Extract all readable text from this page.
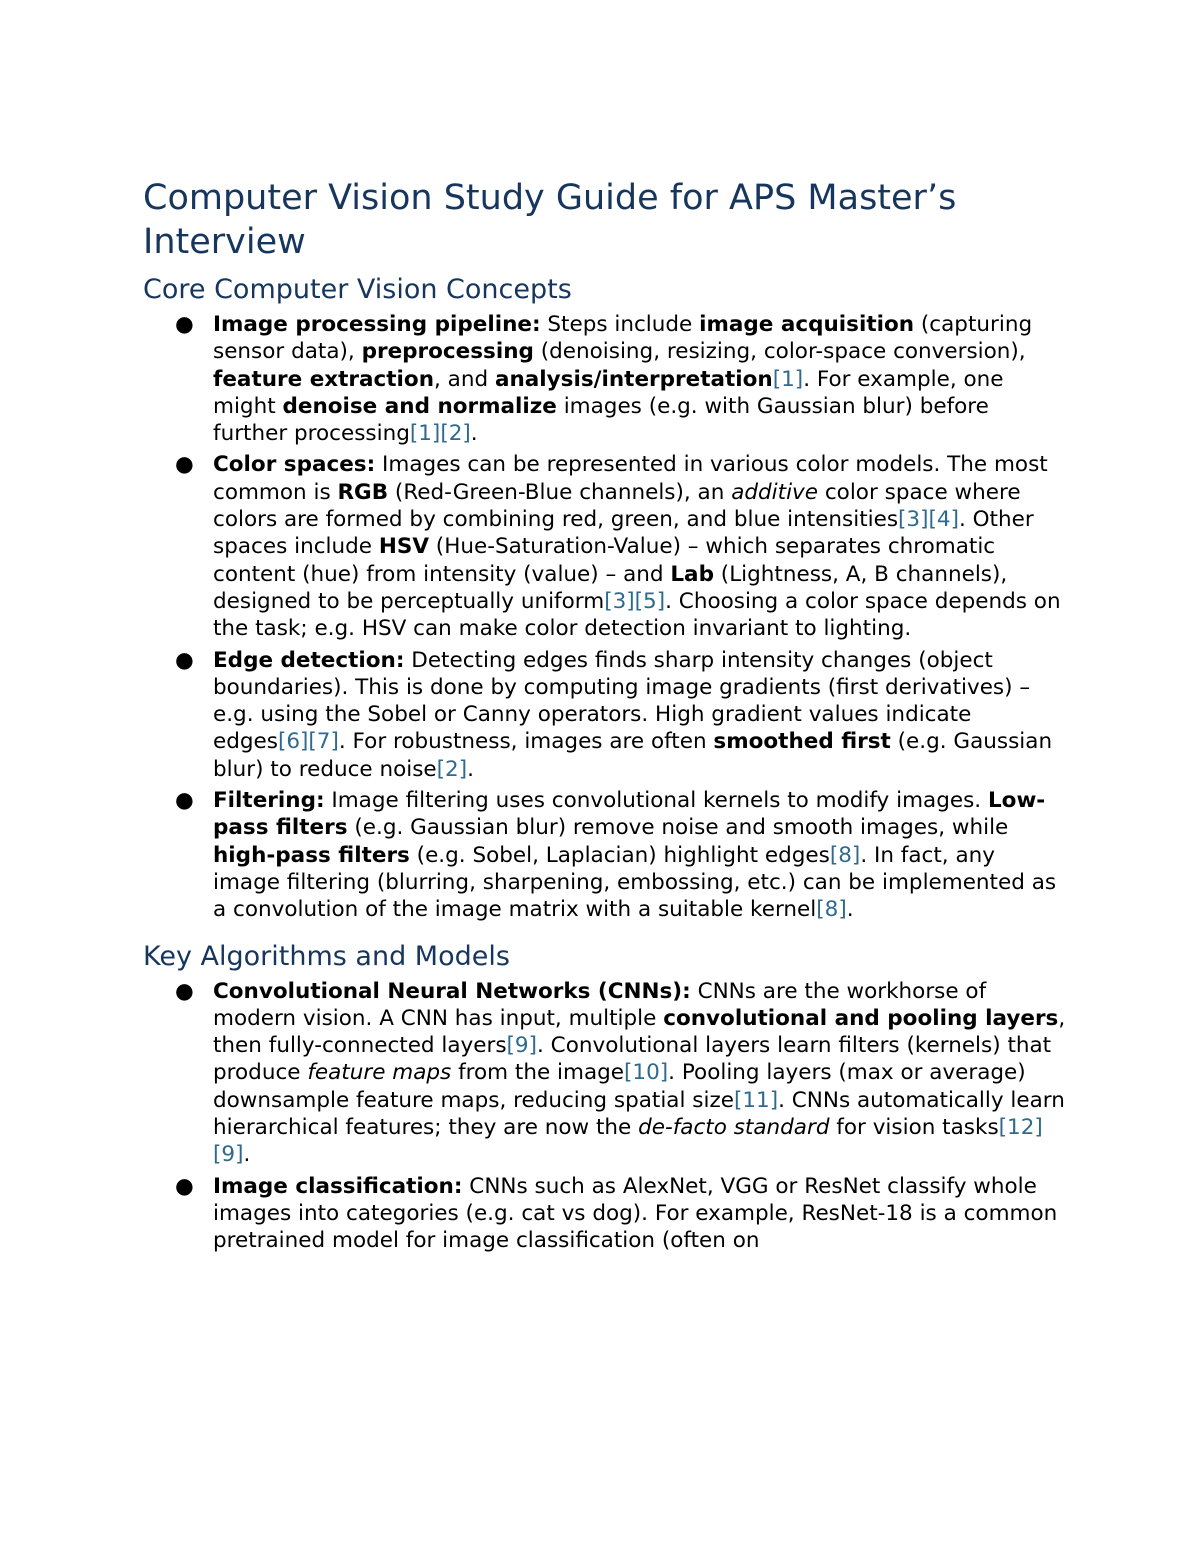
Computer Vision Study Guide for APS Master’s Interview
Core Computer Vision Concepts
● Image processing pipeline: Steps include image acquisition (capturing sensor data), preprocessing (denoising, resizing, color-space conversion), feature extraction, and analysis/interpretation[1]. For example, one might denoise and normalize images (e.g. with Gaussian blur) before further processing[1][2].
● Color spaces: Images can be represented in various color models. The most common is RGB (Red-Green-Blue channels), an additive color space where colors are formed by combining red, green, and blue intensities[3][4]. Other spaces include HSV (Hue-Saturation-Value) – which separates chromatic content (hue) from intensity (value) – and Lab (Lightness, A, B channels), designed to be perceptually uniform[3][5]. Choosing a color space depends on the task; e.g. HSV can make color detection invariant to lighting.
● Edge detection: Detecting edges finds sharp intensity changes (object boundaries). This is done by computing image gradients (first derivatives) – e.g. using the Sobel or Canny operators. High gradient values indicate edges[6][7]. For robustness, images are often smoothed first (e.g. Gaussian blur) to reduce noise[2].
● Filtering: Image filtering uses convolutional kernels to modify images. Low-pass filters (e.g. Gaussian blur) remove noise and smooth images, while high-pass filters (e.g. Sobel, Laplacian) highlight edges[8]. In fact, any image filtering (blurring, sharpening, embossing, etc.) can be implemented as a convolution of the image matrix with a suitable kernel[8].
Key Algorithms and Models
● Convolutional Neural Networks (CNNs): CNNs are the workhorse of modern vision. A CNN has input, multiple convolutional and pooling layers, then fully-connected layers[9]. Convolutional layers learn filters (kernels) that produce feature maps from the image[10]. Pooling layers (max or average) downsample feature maps, reducing spatial size[11]. CNNs automatically learn hierarchical features; they are now the de-facto standard for vision tasks[12][9].
● Image classification: CNNs such as AlexNet, VGG or ResNet classify whole images into categories (e.g. cat vs dog). For example, ResNet-18 is a common pretrained model for image classification (often on
